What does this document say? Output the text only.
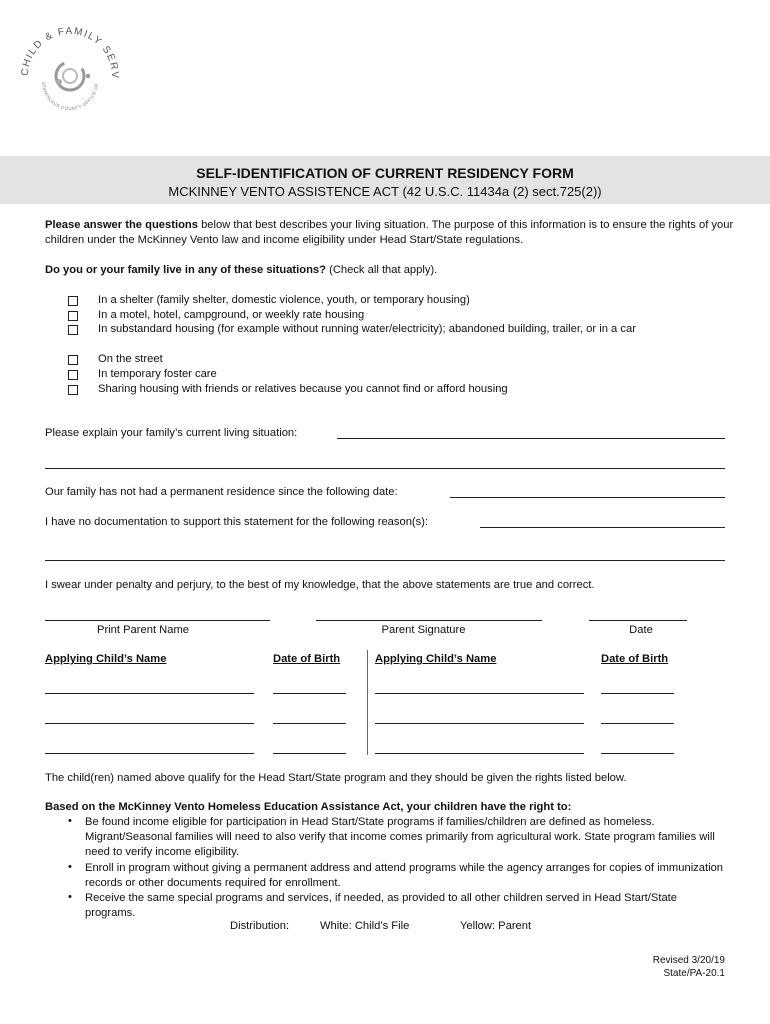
CHILD & FAMILY SERV
STANISLAUS COUNTY OFFICE OF
SELF-IDENTIFICATION OF CURRENT RESIDENCY FORM
MCKINNEY VENTO ASSISTENCE ACT (42 U.S.C. 11434a (2) sect.725(2))
Please answer the questions below that best describes your living situation. The purpose of this information is to ensure the rights of your children under the McKinney Vento law and income eligibility under Head Start/State regulations.
Do you or your family live in any of these situations? (Check all that apply).
In a shelter (family shelter, domestic violence, youth, or temporary housing)
In a motel, hotel, campground, or weekly rate housing
In substandard housing (for example without running water/electricity); abandoned building, trailer, or in a car
On the street
In temporary foster care
Sharing housing with friends or relatives because you cannot find or afford housing
Please explain your family’s current living situation:
Our family has not had a permanent residence since the following date:
I have no documentation to support this statement for the following reason(s):
I swear under penalty and perjury, to the best of my knowledge, that the above statements are true and correct.
Print Parent Name	Parent Signature	Date
Applying Child’s Name	Date of Birth	Applying Child’s Name	Date of Birth
The child(ren) named above qualify for the Head Start/State program and they should be given the rights listed below.
Based on the McKinney Vento Homeless Education Assistance Act, your children have the right to:
• Be found income eligible for participation in Head Start/State programs if families/children are defined as homeless. Migrant/Seasonal families will need to also verify that income comes primarily from agricultural work. State program families will need to verify income eligibility.
• Enroll in program without giving a permanent address and attend programs while the agency arranges for copies of immunization records or other documents required for enrollment.
• Receive the same special programs and services, if needed, as provided to all other children served in Head Start/State programs.
Distribution:	White: Child’s File	Yellow: Parent
Revised 3/20/19
State/PA-20.1
